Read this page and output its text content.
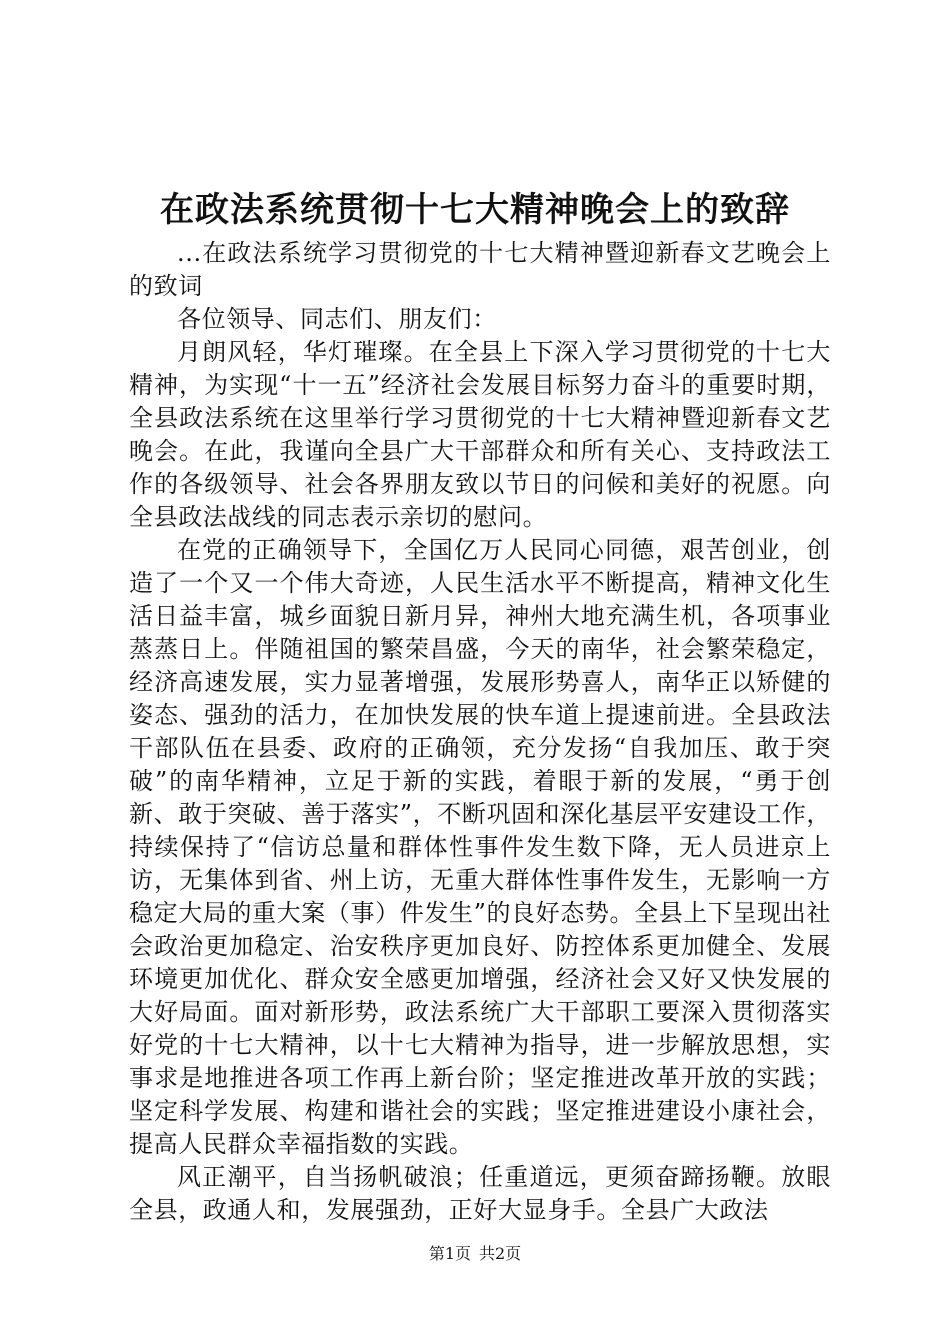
在政法系统贯彻十七大精神晚会上的致辞

...在政法系统学习贯彻党的十七大精神暨迎新春文艺晚会上的致词

各位领导、同志们、朋友们：

月朗风轻，华灯璀璨。在全县上下深入学习贯彻党的十七大精神，为实现“十一五”经济社会发展目标努力奋斗的重要时期，全县政法系统在这里举行学习贯彻党的十七大精神暨迎新春文艺晚会。在此，我谨向全县广大干部群众和所有关心、支持政法工作的各级领导、社会各界朋友致以节日的问候和美好的祝愿。向全县政法战线的同志表示亲切的慰问。

在党的正确领导下，全国亿万人民同心同德，艰苦创业，创造了一个又一个伟大奇迹，人民生活水平不断提高，精神文化生活日益丰富，城乡面貌日新月异，神州大地充满生机，各项事业蒸蒸日上。伴随祖国的繁荣昌盛，今天的南华，社会繁荣稳定，经济高速发展，实力显著增强，发展形势喜人，南华正以矫健的姿态、强劲的活力，在加快发展的快车道上提速前进。全县政法干部队伍在县委、政府的正确领，充分发扬“自我加压、敢于突破”的南华精神，立足于新的实践，着眼于新的发展，“勇于创新、敢于突破、善于落实”，不断巩固和深化基层平安建设工作，持续保持了“信访总量和群体性事件发生数下降，无人员进京上访，无集体到省、州上访，无重大群体性事件发生，无影响一方稳定大局的重大案（事）件发生”的良好态势。全县上下呈现出社会政治更加稳定、治安秩序更加良好、防控体系更加健全、发展环境更加优化、群众安全感更加增强，经济社会又好又快发展的大好局面。面对新形势，政法系统广大干部职工要深入贯彻落实好党的十七大精神，以十七大精神为指导，进一步解放思想，实事求是地推进各项工作再上新台阶；坚定推进改革开放的实践；坚定科学发展、构建和谐社会的实践；坚定推进建设小康社会，提高人民群众幸福指数的实践。

风正潮平，自当扬帆破浪；任重道远，更须奋蹄扬鞭。放眼全县，政通人和，发展强劲，正好大显身手。全县广大政法

第1页 共2页
